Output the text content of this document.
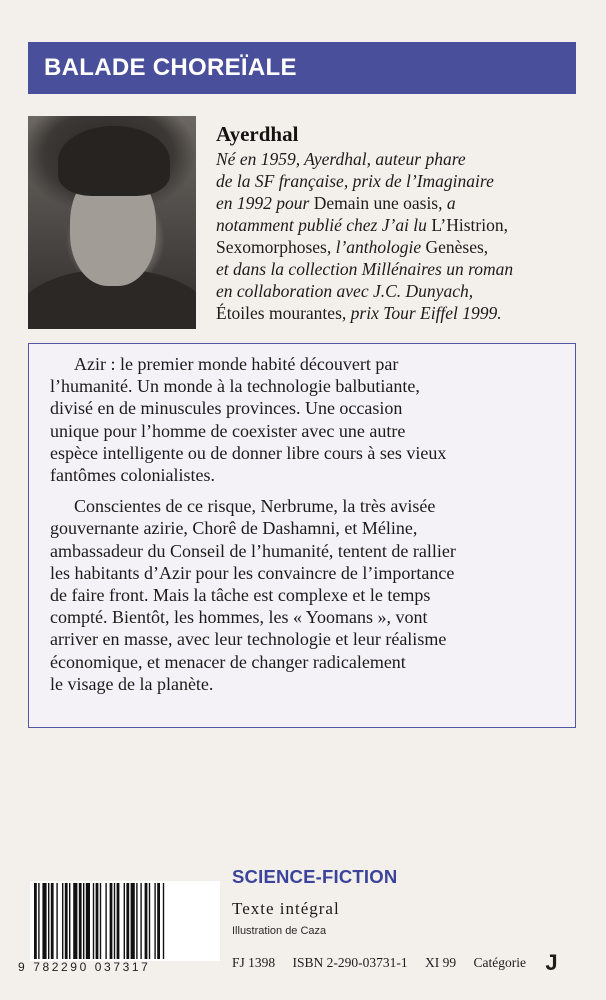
BALADE CHOREÏALE
Ayerdhal
Né en 1959, Ayerdhal, auteur phare
de la SF française, prix de l’Imaginaire
en 1992 pour Demain une oasis, a
notamment publié chez J’ai lu L’Histrion,
Sexomorphoses, l’anthologie Genèses,
et dans la collection Millénaires un roman
en collaboration avec J.C. Dunyach,
Étoiles mourantes, prix Tour Eiffel 1999.
Azir : le premier monde habité découvert par
l’humanité. Un monde à la technologie balbutiante,
divisé en de minuscules provinces. Une occasion
unique pour l’homme de coexister avec une autre
espèce intelligente ou de donner libre cours à ses vieux
fantômes colonialistes.
Conscientes de ce risque, Nerbrume, la très avisée
gouvernante azirie, Chorê de Dashamni, et Méline,
ambassadeur du Conseil de l’humanité, tentent de rallier
les habitants d’Azir pour les convaincre de l’importance
de faire front. Mais la tâche est complexe et le temps
compté. Bientôt, les hommes, les « Yoomans », vont
arriver en masse, avec leur technologie et leur réalisme
économique, et menacer de changer radicalement
le visage de la planète.
9 782290 037317
SCIENCE-FICTION
Texte intégral
Illustration de Caza
FJ 1398 ISBN 2-290-03731-1 XI 99 Catégorie J
